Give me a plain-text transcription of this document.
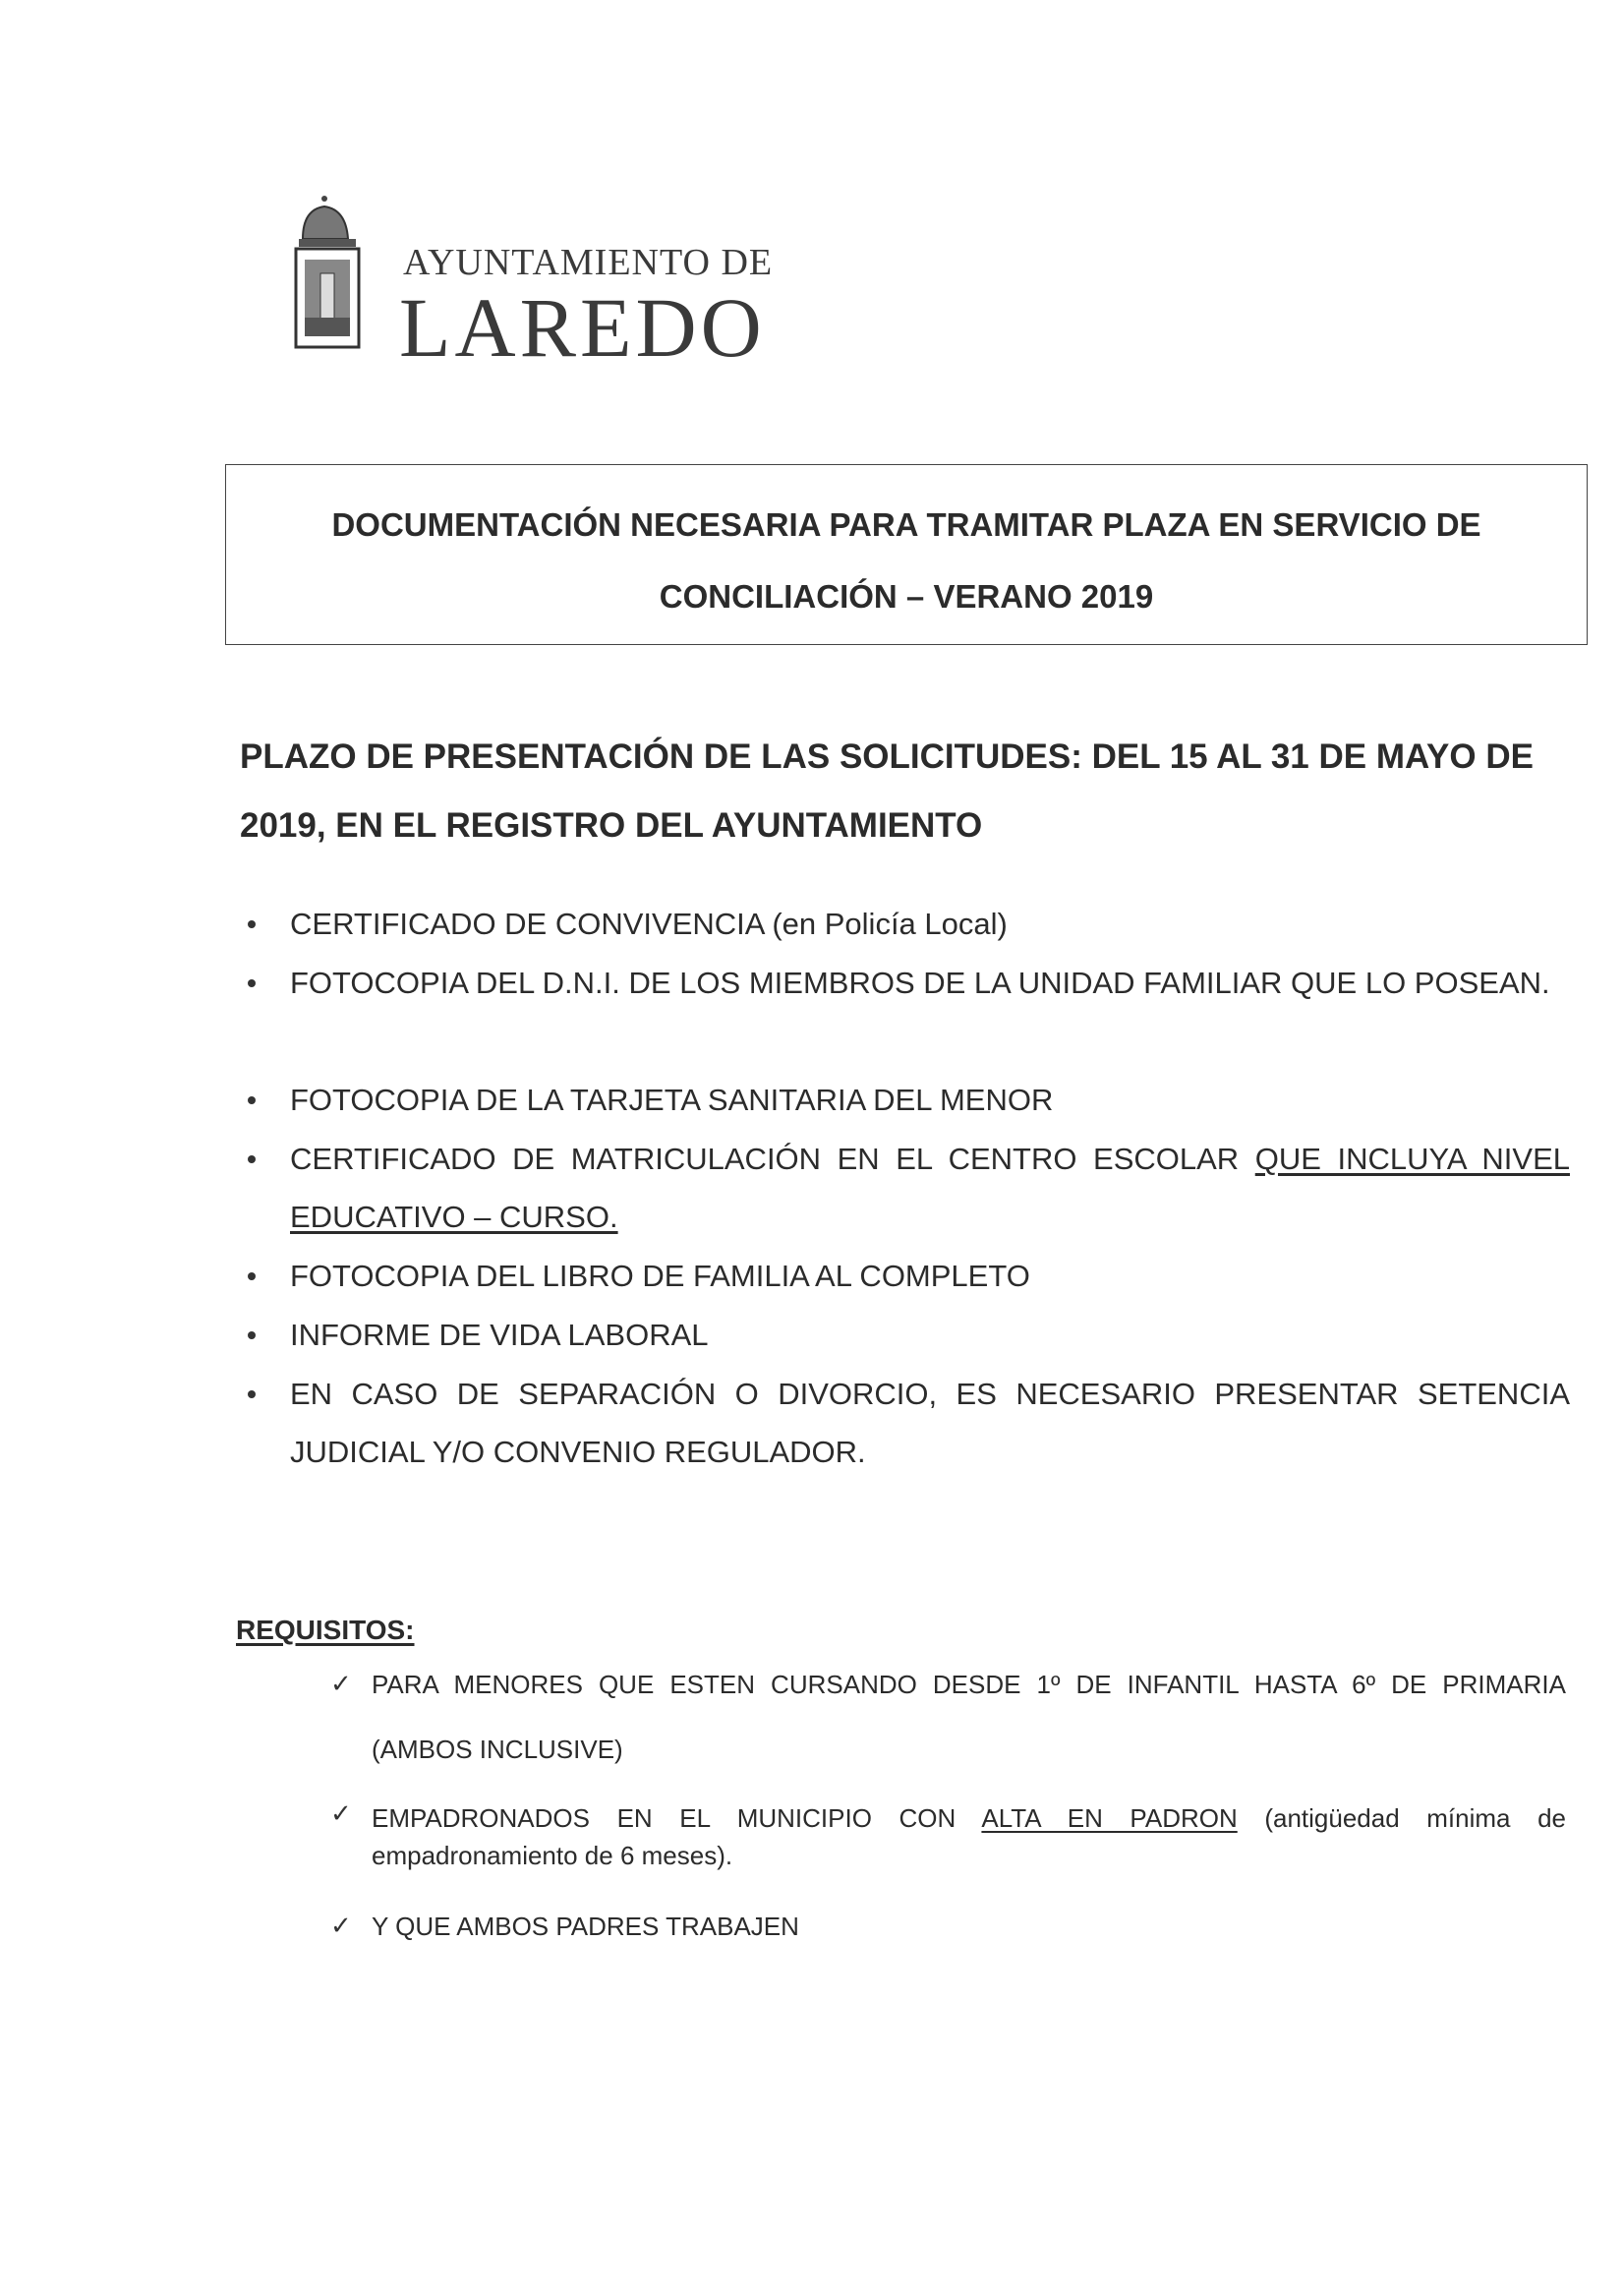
AYUNTAMIENTO DE
LAREDO
DOCUMENTACIÓN NECESARIA PARA TRAMITAR PLAZA EN SERVICIO DE
CONCILIACIÓN – VERANO 2019
PLAZO DE PRESENTACIÓN DE LAS SOLICITUDES: DEL 15 AL 31 DE MAYO DE
2019, EN EL REGISTRO DEL AYUNTAMIENTO
CERTIFICADO DE CONVIVENCIA (en Policía Local)
FOTOCOPIA DEL D.N.I. DE LOS MIEMBROS DE LA UNIDAD FAMILIAR QUE LO POSEAN.
FOTOCOPIA DE LA TARJETA SANITARIA DEL MENOR
CERTIFICADO DE MATRICULACIÓN EN EL CENTRO ESCOLAR QUE INCLUYA NIVEL EDUCATIVO – CURSO.
FOTOCOPIA DEL LIBRO DE FAMILIA AL COMPLETO
INFORME DE VIDA LABORAL
EN CASO DE SEPARACIÓN O DIVORCIO, ES NECESARIO PRESENTAR SETENCIA JUDICIAL Y/O CONVENIO REGULADOR.
REQUISITOS:
✓ PARA MENORES QUE ESTEN CURSANDO DESDE 1º DE INFANTIL HASTA 6º DE PRIMARIA
(AMBOS INCLUSIVE)
✓ EMPADRONADOS EN EL MUNICIPIO CON ALTA EN PADRON (antigüedad mínima de empadronamiento de 6 meses).
✓ Y QUE AMBOS PADRES TRABAJEN
